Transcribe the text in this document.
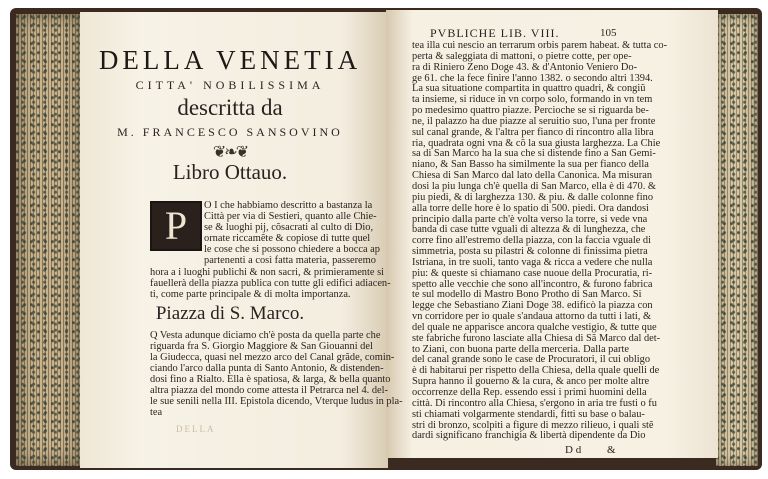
DELLA VENETIA
CITTA' NOBILISSIMA
descritta da
M. FRANCESCO SANSOVINO
❦❧❦
Libro Ottauo.
P	O I che habbiamo descritto a bastanza la
Città per via di Sestieri, quanto alle Chie-
se & luoghi pij, cõsacrati al culto di Dio,
ornate riccamẽte & copiose di tutte quel
le cose che si possono chiedere a bocca ap
partenenti a così fatta materia, passeremo
hora a i luoghi publichi & non sacri, & primieramente si
fauellerà della piazza publica con tutte gli edifici adiacen-
ti, come parte principale & di molta importanza.
Piazza di S. Marco.
Q Vesta adunque diciamo ch'è posta da quella parte che
riguarda fra S. Giorgio Maggiore & San Giouanni del
la Giudecca, quasi nel mezzo arco del Canal grãde, comin-
ciando l'arco dalla punta di Santo Antonio, & distenden-
dosi fino a Rialto. Ella è spatiosa, & larga, & bella quanto
altra piazza del mondo come attesta il Petrarca nel 4. del-
le sue senili nella III. Epistola dicendo, Vterque ludus in pla-
tea
DELLA
PVBLICHE LIB. VIII.	105
tea illa cui nescio an terrarum orbis parem habeat. & tutta co-
perta & saleggiata di mattoni, o pietre cotte, per ope-
ra di Riniero Zeno Doge 43. & d'Antonio Veniero Do-
ge 61. che la fece finire l'anno 1382. o secondo altri 1394.
La sua situatione compartita in quattro quadri, & congiũ
ta insieme, si riduce in vn corpo solo, formando in vn tem
po medesimo quattro piazze. Percioche se si riguarda be-
ne, il palazzo ha due piazze al seruitio suo, l'una per fronte
sul canal grande, & l'altra per fianco di rincontro alla libra
ria, quadrata ogni vna & cõ la sua giusta larghezza. La Chie
sa di San Marco ha la sua che si distende fino a San Gemi-
niano, & San Basso ha similmente la sua per fianco della
Chiesa di San Marco dal lato della Canonica. Ma misuran
dosi la piu lunga ch'è quella di San Marco, ella è di 470. &
piu piedi, & di larghezza 130. & piu. & dalle colonne fino
alla torre delle hore è lo spatio di 500. piedi. Ora dandosi
principio dalla parte ch'è volta verso la torre, si vede vna
banda di case tutte vguali di altezza & di lunghezza, che
corre fino all'estremo della piazza, con la faccia vguale di
simmetria, posta su pilastri & colonne di finissima pietra
Istriana, in tre suoli, tanto vaga & ricca a vedere che nulla
piu: & queste si chiamano case nuoue della Procuratia, ri-
spetto alle vecchie che sono all'incontro, & furono fabrica
te sul modello di Mastro Bono Protho di San Marco. Si
legge che Sebastiano Ziani Doge 38. edificò la piazza con
vn corridore per io quale s'andaua attorno da tutti i lati, &
del quale ne apparisce ancora qualche vestigio, & tutte que
ste fabriche furono lasciate alla Chiesa di Sã Marco dal det-
to Ziani, con buona parte della merceria. Dalla parte
del canal grande sono le case de Procuratori, il cui obligo
è di habitarui per rispetto della Chiesa, della quale quelli de
Supra hanno il gouerno & la cura, & anco per molte altre
occorrenze della Rep. essendo essi i primi huomini della
città. Di rincontro alla Chiesa, s'ergono in aria tre fusti o fu
sti chiamati volgarmente stendardi, fitti su base o balau-
stri di bronzo, scolpiti a figure di mezzo rilieuo, i quali stẽ
dardi significano franchigia & libertà dipendente da Dio
D d &
